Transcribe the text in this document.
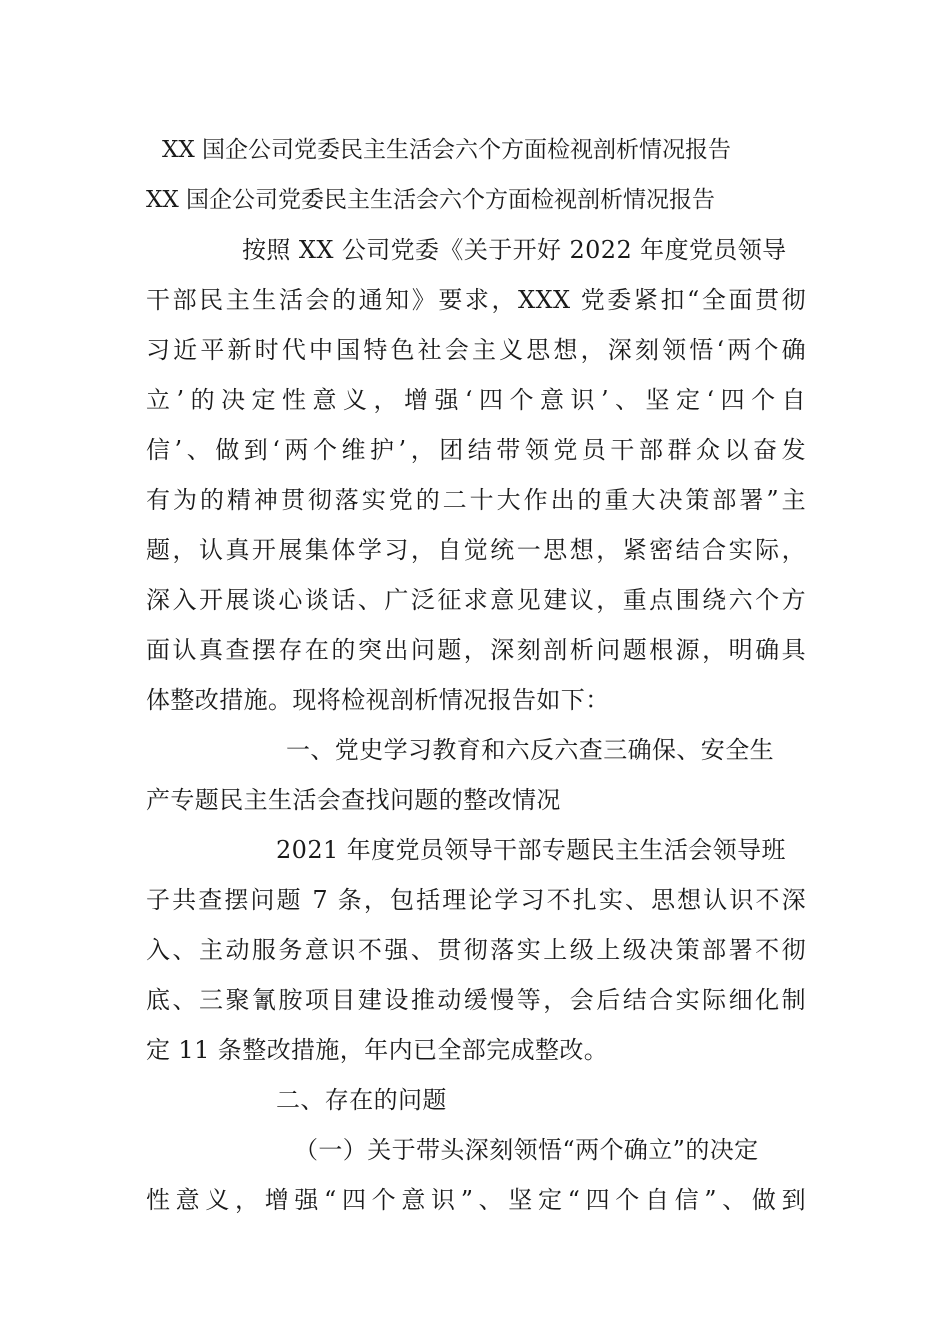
XX 国企公司党委民主生活会六个方面检视剖析情况报告
XX 国企公司党委民主生活会六个方面检视剖析情况报告
按照 XX 公司党委《关于开好 2022 年度党员领导
干部民主生活会的通知》要求，XXX 党委紧扣“全面贯彻
习近平新时代中国特色社会主义思想，深刻领悟‘两个确
立’的决定性意义，增强‘四个意识’、坚定‘四个自
信’、做到‘两个维护’，团结带领党员干部群众以奋发
有为的精神贯彻落实党的二十大作出的重大决策部署”主
题，认真开展集体学习，自觉统一思想，紧密结合实际，
深入开展谈心谈话、广泛征求意见建议，重点围绕六个方
面认真查摆存在的突出问题，深刻剖析问题根源，明确具
体整改措施。现将检视剖析情况报告如下：
一、党史学习教育和六反六查三确保、安全生
产专题民主生活会查找问题的整改情况
2021 年度党员领导干部专题民主生活会领导班
子共查摆问题 7 条，包括理论学习不扎实、思想认识不深
入、主动服务意识不强、贯彻落实上级上级决策部署不彻
底、三聚氰胺项目建设推动缓慢等，会后结合实际细化制
定 11 条整改措施，年内已全部完成整改。
二、存在的问题
（一）关于带头深刻领悟“两个确立”的决定
性意义，增强“四个意识”、坚定“四个自信”、做到
